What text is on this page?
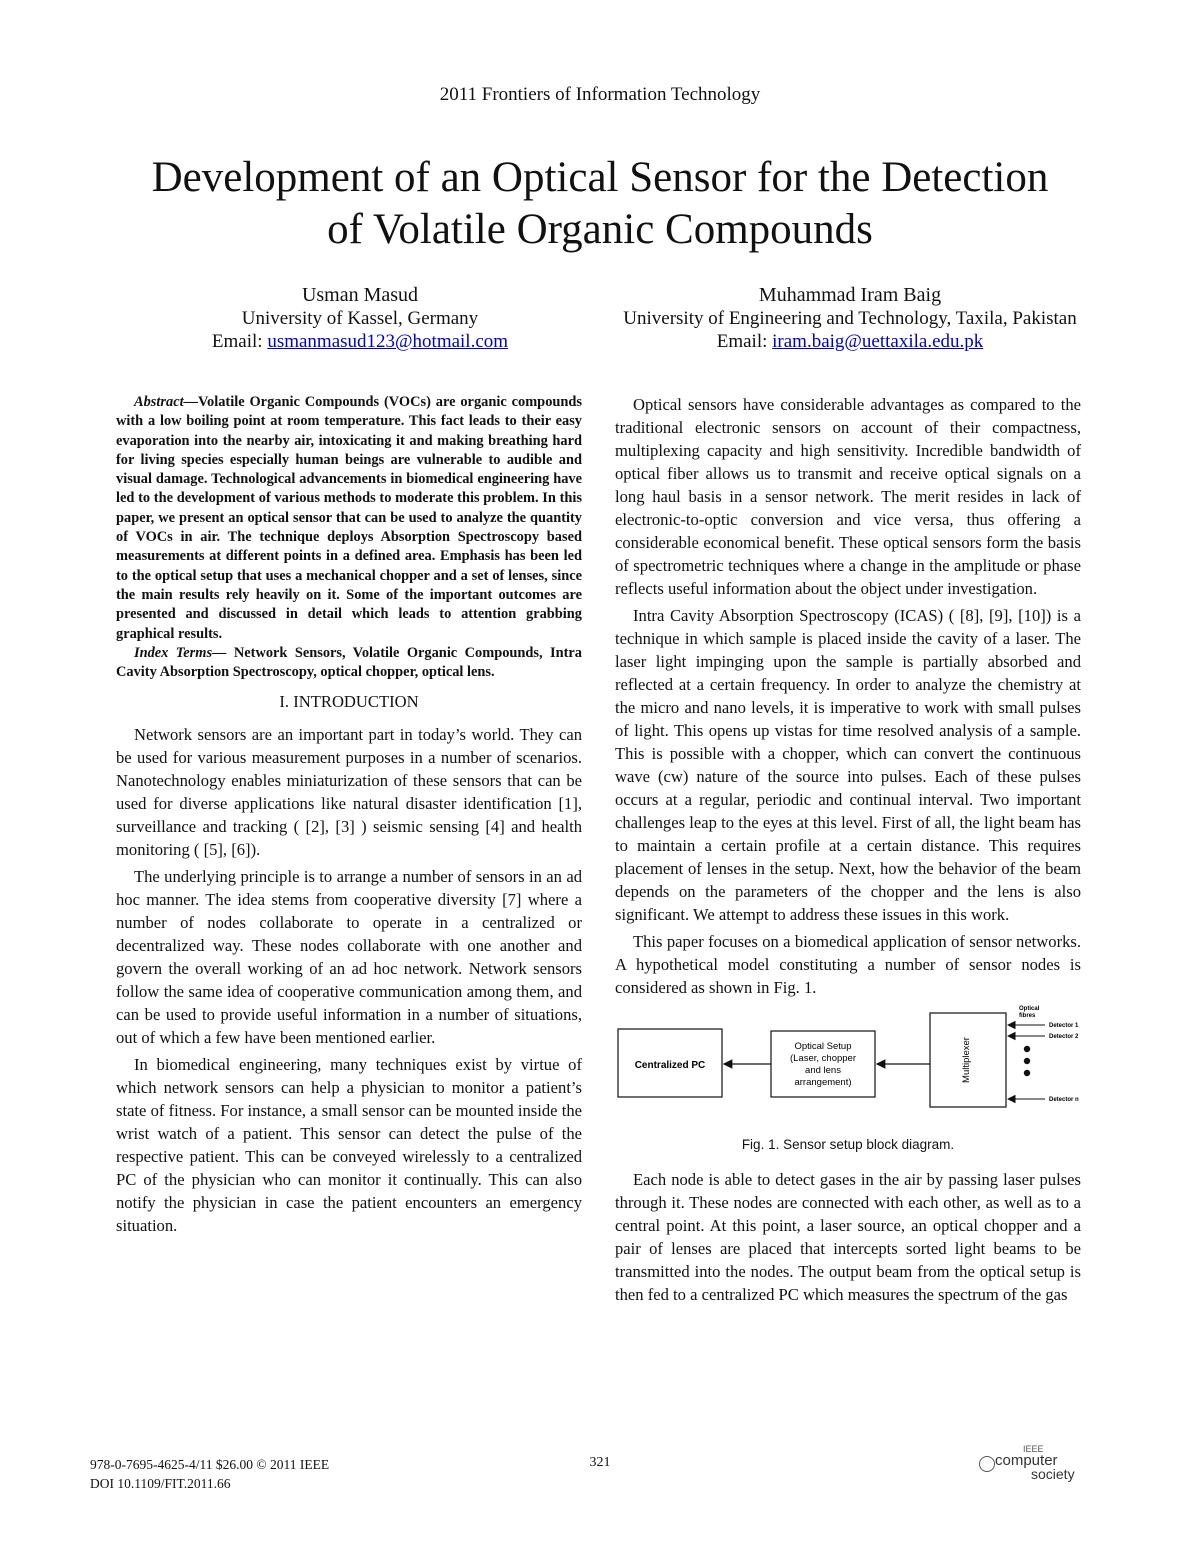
2011 Frontiers of Information Technology
Development of an Optical Sensor for the Detection
of Volatile Organic Compounds
Usman Masud
University of Kassel, Germany
Email: usmanmasud123@hotmail.com
Muhammad Iram Baig
University of Engineering and Technology, Taxila, Pakistan
Email: iram.baig@uettaxila.edu.pk

Abstract—Volatile Organic Compounds (VOCs) are organic compounds with a low boiling point at room temperature. This fact leads to their easy evaporation into the nearby air, intoxicating it and making breathing hard for living species especially human beings are vulnerable to audible and visual damage. Technological advancements in biomedical engineering have led to the development of various methods to moderate this problem. In this paper, we present an optical sensor that can be used to analyze the quantity of VOCs in air. The technique deploys Absorption Spectroscopy based measurements at different points in a defined area. Emphasis has been led to the optical setup that uses a mechanical chopper and a set of lenses, since the main results rely heavily on it. Some of the important outcomes are presented and discussed in detail which leads to attention grabbing graphical results.

Index Terms— Network Sensors, Volatile Organic Compounds, Intra Cavity Absorption Spectroscopy, optical chopper, optical lens.

I. INTRODUCTION

Network sensors are an important part in today’s world. They can be used for various measurement purposes in a number of scenarios. Nanotechnology enables miniaturization of these sensors that can be used for diverse applications like natural disaster identification [1], surveillance and tracking ( [2], [3] ) seismic sensing [4] and health monitoring ( [5], [6]).

The underlying principle is to arrange a number of sensors in an ad hoc manner. The idea stems from cooperative diversity [7] where a number of nodes collaborate to operate in a centralized or decentralized way. These nodes collaborate with one another and govern the overall working of an ad hoc network. Network sensors follow the same idea of cooperative communication among them, and can be used to provide useful information in a number of situations, out of which a few have been mentioned earlier.

In biomedical engineering, many techniques exist by virtue of which network sensors can help a physician to monitor a patient’s state of fitness. For instance, a small sensor can be mounted inside the wrist watch of a patient. This sensor can detect the pulse of the respective patient. This can be conveyed wirelessly to a centralized PC of the physician who can monitor it continually. This can also notify the physician in case the patient encounters an emergency situation.

Optical sensors have considerable advantages as compared to the traditional electronic sensors on account of their compactness, multiplexing capacity and high sensitivity. Incredible bandwidth of optical fiber allows us to transmit and receive optical signals on a long haul basis in a sensor network. The merit resides in lack of electronic-to-optic conversion and vice versa, thus offering a considerable economical benefit. These optical sensors form the basis of spectrometric techniques where a change in the amplitude or phase reflects useful information about the object under investigation.

Intra Cavity Absorption Spectroscopy (ICAS) ( [8], [9], [10]) is a technique in which sample is placed inside the cavity of a laser. The laser light impinging upon the sample is partially absorbed and reflected at a certain frequency. In order to analyze the chemistry at the micro and nano levels, it is imperative to work with small pulses of light. This opens up vistas for time resolved analysis of a sample. This is possible with a chopper, which can convert the continuous wave (cw) nature of the source into pulses. Each of these pulses occurs at a regular, periodic and continual interval. Two important challenges leap to the eyes at this level. First of all, the light beam has to maintain a certain profile at a certain distance. This requires placement of lenses in the setup. Next, how the behavior of the beam depends on the parameters of the chopper and the lens is also significant. We attempt to address these issues in this work.

This paper focuses on a biomedical application of sensor networks. A hypothetical model constituting a number of sensor nodes is considered as shown in Fig. 1.

Centralized PC
Optical Setup
(Laser, chopper
and lens
arrangement)	Multiplexer
Optical
fibres
Detector 1
Detector 2
Detector n
Fig. 1. Sensor setup block diagram.

Each node is able to detect gases in the air by passing laser pulses through it. These nodes are connected with each other, as well as to a central point. At this point, a laser source, an optical chopper and a pair of lenses are placed that intercepts sorted light beams to be transmitted into the nodes. The output beam from the optical setup is then fed to a centralized PC which measures the spectrum of the gas

978-0-7695-4625-4/11 $26.00 © 2011 IEEE
DOI 10.1109/FIT.2011.66
321
IEEE
computer
society
